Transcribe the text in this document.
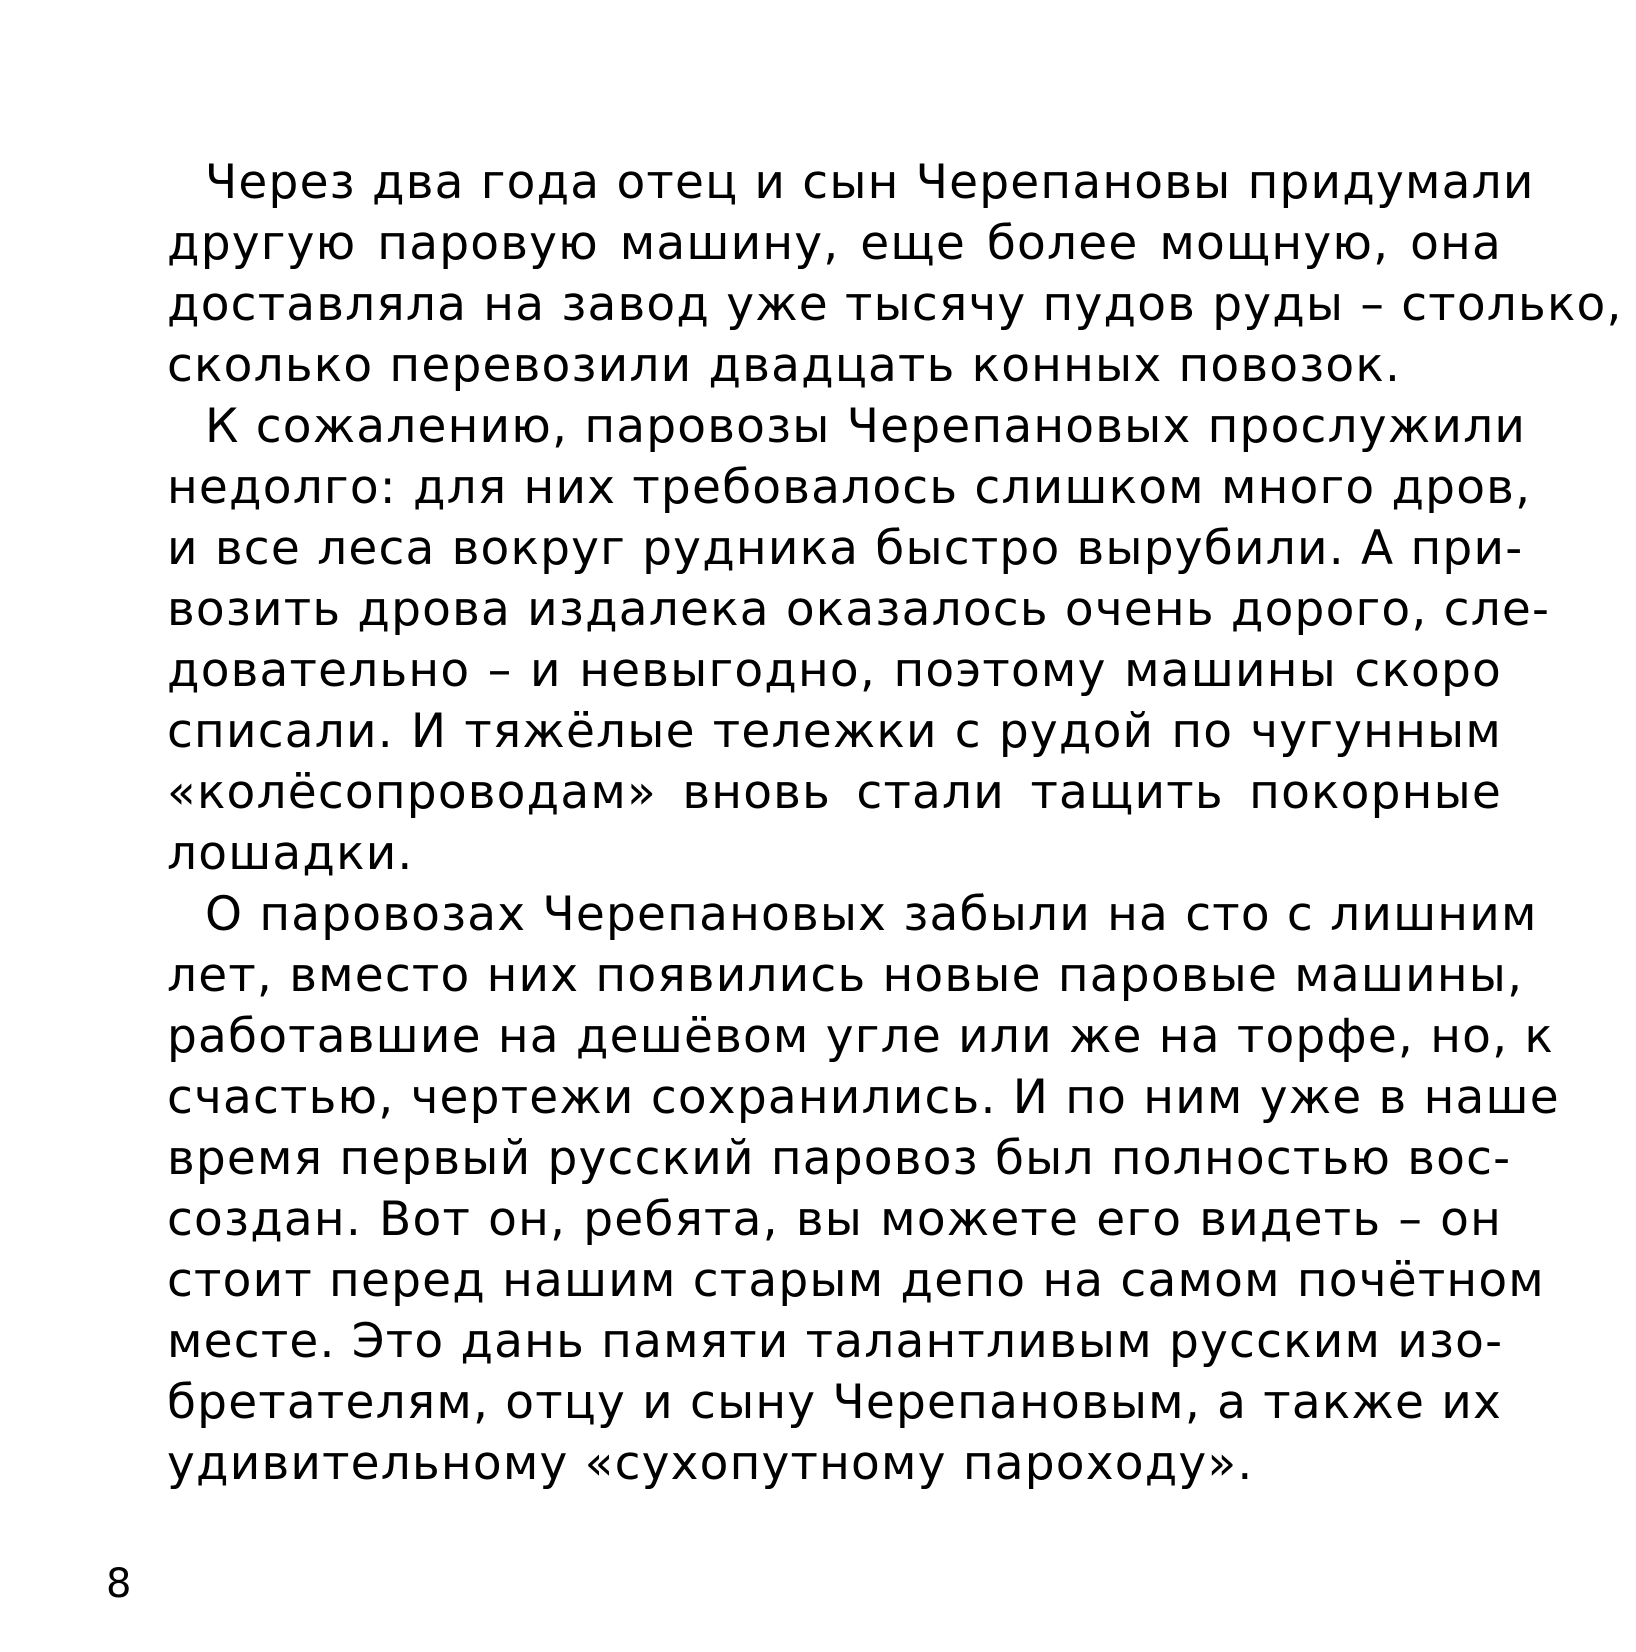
Через два года отец и сын Черепановы придумали
другую паровую машину, еще более мощную, она
доставляла на завод уже тысячу пудов руды – столько,
сколько перевозили двадцать конных повозок.
К сожалению, паровозы Черепановых прослужили
недолго: для них требовалось слишком много дров,
и все леса вокруг рудника быстро вырубили. А при-
возить дрова издалека оказалось очень дорого, сле-
довательно – и невыгодно, поэтому машины скоро
списали. И тяжёлые тележки с рудой по чугунным
«колёсопроводам» вновь стали тащить покорные
лошадки.
О паровозах Черепановых забыли на сто с лишним
лет, вместо них появились новые паровые машины,
работавшие на дешёвом угле или же на торфе, но, к
счастью, чертежи сохранились. И по ним уже в наше
время первый русский паровоз был полностью вос-
создан. Вот он, ребята, вы можете его видеть – он
стоит перед нашим старым депо на самом почётном
месте. Это дань памяти талантливым русским изо-
бретателям, отцу и сыну Черепановым, а также их
удивительному «сухопутному пароходу».
8
